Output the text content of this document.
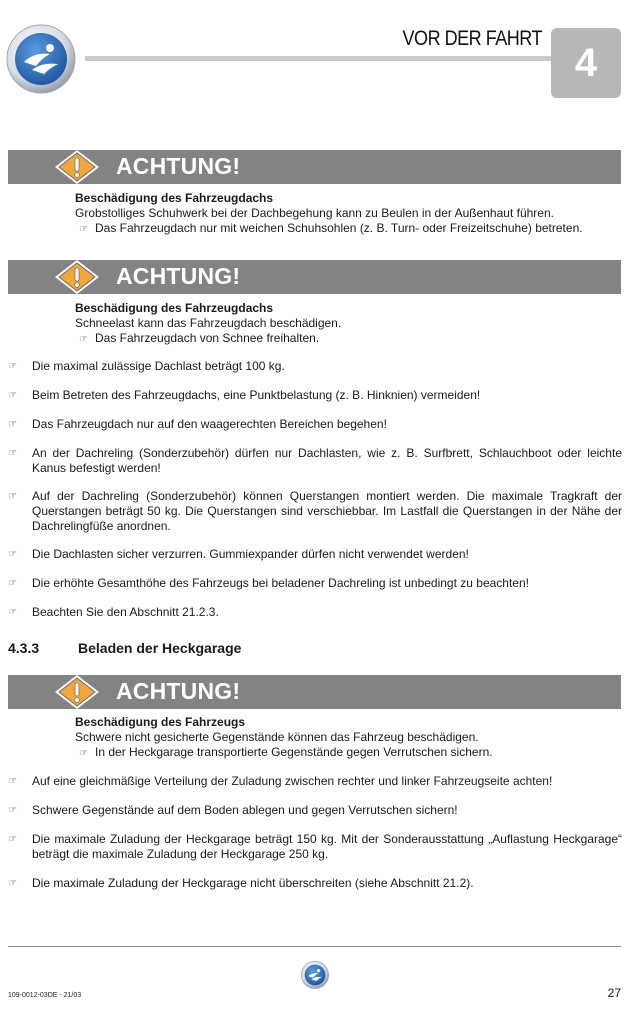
VOR DER FAHRT
4
ACHTUNG!
Beschädigung des Fahrzeugdachs
Grobstolliges Schuhwerk bei der Dachbegehung kann zu Beulen in der Außenhaut führen.
☞ Das Fahrzeugdach nur mit weichen Schuhsohlen (z. B. Turn- oder Freizeitschuhe) betreten.
ACHTUNG!
Beschädigung des Fahrzeugdachs
Schneelast kann das Fahrzeugdach beschädigen.
☞ Das Fahrzeugdach von Schnee freihalten.
☞	Die maximal zulässige Dachlast beträgt 100 kg.
☞	Beim Betreten des Fahrzeugdachs, eine Punktbelastung (z. B. Hinknien) vermeiden!
☞	Das Fahrzeugdach nur auf den waagerechten Bereichen begehen!
☞	An der Dachreling (Sonderzubehör) dürfen nur Dachlasten, wie z. B. Surfbrett, Schlauchboot oder leichte Kanus befestigt werden!
☞	Auf der Dachreling (Sonderzubehör) können Querstangen montiert werden. Die maximale Tragkraft der Querstangen beträgt 50 kg. Die Querstangen sind verschiebbar. Im Lastfall die Querstangen in der Nähe der Dachrelingfüße anordnen.
☞	Die Dachlasten sicher verzurren. Gummiexpander dürfen nicht verwendet werden!
☞	Die erhöhte Gesamthöhe des Fahrzeugs bei beladener Dachreling ist unbedingt zu beachten!
☞	Beachten Sie den Abschnitt 21.2.3.
4.3.3	Beladen der Heckgarage
ACHTUNG!
Beschädigung des Fahrzeugs
Schwere nicht gesicherte Gegenstände können das Fahrzeug beschädigen.
☞ In der Heckgarage transportierte Gegenstände gegen Verrutschen sichern.
☞	Auf eine gleichmäßige Verteilung der Zuladung zwischen rechter und linker Fahrzeugseite achten!
☞	Schwere Gegenstände auf dem Boden ablegen und gegen Verrutschen sichern!
☞	Die maximale Zuladung der Heckgarage beträgt 150 kg. Mit der Sonderausstattung „Auflastung Heckgarage“ beträgt die maximale Zuladung der Heckgarage 250 kg.
☞	Die maximale Zuladung der Heckgarage nicht überschreiten (siehe Abschnitt 21.2).
109-0012-03DE - 21/03	27
